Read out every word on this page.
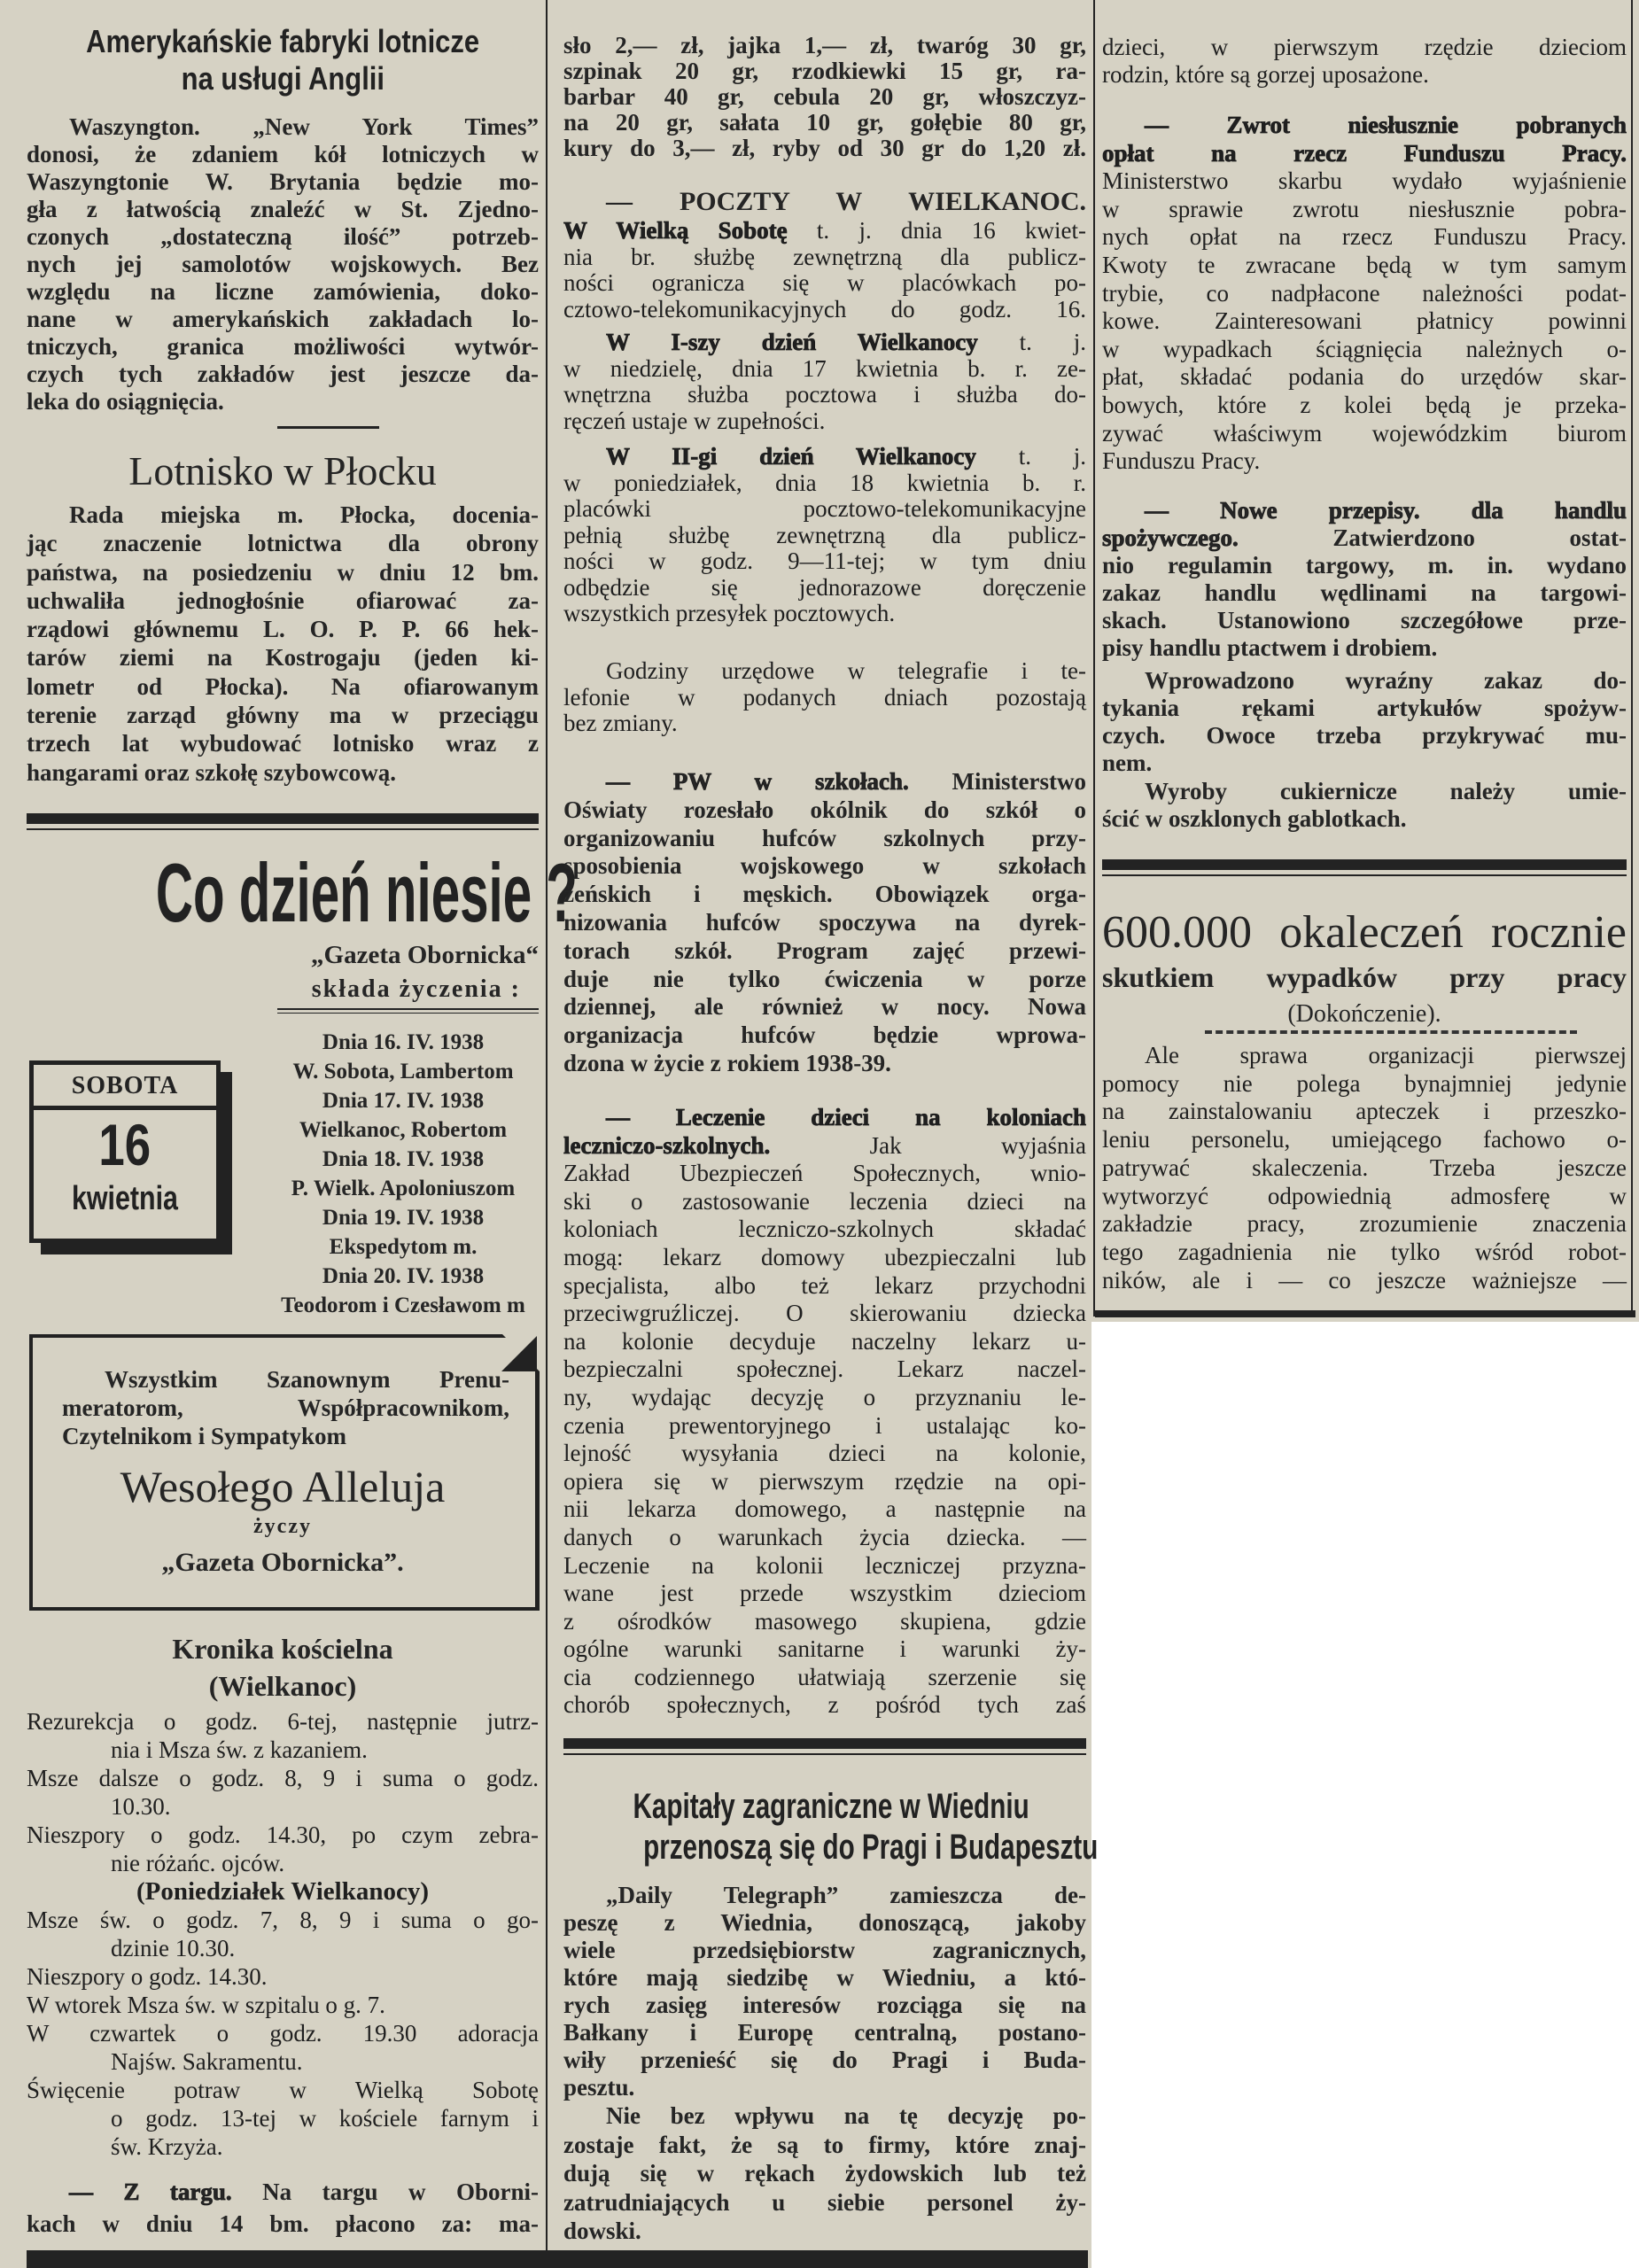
Amerykańskie fabryki lotnicze
na usługi Anglii
Waszyngton. „New York Times”
donosi, że zdaniem kół lotniczych w
Waszyngtonie W. Brytania będzie mo-
gła z łatwością znaleźć w St. Zjedno-
czonych „dostateczną ilość” potrzeb-
nych jej samolotów wojskowych. Bez
względu na liczne zamówienia, doko-
nane w amerykańskich zakładach lo-
tniczych, granica możliwości wytwór-
czych tych zakładów jest jeszcze da-
leka do osiągnięcia.
Lotnisko w Płocku
Rada miejska m. Płocka, docenia-
jąc znaczenie lotnictwa dla obrony
państwa, na posiedzeniu w dniu 12 bm.
uchwaliła jednogłośnie ofiarować za-
rządowi głównemu L. O. P. P. 66 hek-
tarów ziemi na Kostrogaju (jeden ki-
lometr od Płocka). Na ofiarowanym
terenie zarząd główny ma w przeciągu
trzech lat wybudować lotnisko wraz z
hangarami oraz szkołę szybowcową.
Co dzień niesie ?
„Gazeta Obornicka“
składa życzenia :
SOBOTA
16
kwietnia
Dnia 16. IV. 1938
W. Sobota, Lambertom
Dnia 17. IV. 1938
Wielkanoc, Robertom
Dnia 18. IV. 1938
P. Wielk. Apoloniuszom
Dnia 19. IV. 1938
Ekspedytom m.
Dnia 20. IV. 1938
Teodorom i Czesławom m
Wszystkim Szanownym Prenu-
meratorom, Współpracownikom,
Czytelnikom i Sympatykom
Wesołego Alleluja
życzy
„Gazeta Obornicka”.
Kronika kościelna
(Wielkanoc)
Rezurekcja o godz. 6-tej, następnie jutrz-
nia i Msza św. z kazaniem.
Msze dalsze o godz. 8, 9 i suma o godz.
10.30.
Nieszpory o godz. 14.30, po czym zebra-
nie różańc. ojców.
(Poniedziałek Wielkanocy)
Msze św. o godz. 7, 8, 9 i suma o go-
dzinie 10.30.
Nieszpory o godz. 14.30.
W wtorek Msza św. w szpitalu o g. 7.
W czwartek o godz. 19.30 adoracja
Najśw. Sakramentu.
Święcenie potraw w Wielką Sobotę
o godz. 13-tej w kościele farnym i
św. Krzyża.
— Z targu. Na targu w Oborni-
kach w dniu 14 bm. płacono za: ma-
sło 2,— zł, jajka 1,— zł, twaróg 30 gr,
szpinak 20 gr, rzodkiewki 15 gr, ra-
barbar 40 gr, cebula 20 gr, włoszczyz-
na 20 gr, sałata 10 gr, gołębie 80 gr,
kury do 3,— zł, ryby od 30 gr do 1,20 zł.
— POCZTY W WIELKANOC.
W Wielką Sobotę t. j. dnia 16 kwiet-
nia br. służbę zewnętrzną dla publicz-
ności ogranicza się w placówkach po-
cztowo-telekomunikacyjnych do godz. 16.
W I-szy dzień Wielkanocy t. j.
w niedzielę, dnia 17 kwietnia b. r. ze-
wnętrzna służba pocztowa i służba do-
ręczeń ustaje w zupełności.
W II-gi dzień Wielkanocy t. j.
w poniedziałek, dnia 18 kwietnia b. r.
placówki pocztowo-telekomunikacyjne
pełnią służbę zewnętrzną dla publicz-
ności w godz. 9—11-tej; w tym dniu
odbędzie się jednorazowe doręczenie
wszystkich przesyłek pocztowych.
Godziny urzędowe w telegrafie i te-
lefonie w podanych dniach pozostają
bez zmiany.
— PW w szkołach. Ministerstwo
Oświaty rozesłało okólnik do szkół o
organizowaniu hufców szkolnych przy-
sposobienia wojskowego w szkołach
żeńskich i męskich. Obowiązek orga-
nizowania hufców spoczywa na dyrek-
torach szkół. Program zajęć przewi-
duje nie tylko ćwiczenia w porze
dziennej, ale również w nocy. Nowa
organizacja hufców będzie wprowa-
dzona w życie z rokiem 1938-39.
— Leczenie dzieci na koloniach
leczniczo-szkolnych. Jak wyjaśnia
Zakład Ubezpieczeń Społecznych, wnio-
ski o zastosowanie leczenia dzieci na
koloniach leczniczo-szkolnych składać
mogą: lekarz domowy ubezpieczalni lub
specjalista, albo też lekarz przychodni
przeciwgruźliczej. O skierowaniu dziecka
na kolonie decyduje naczelny lekarz u-
bezpieczalni społecznej. Lekarz naczel-
ny, wydając decyzję o przyznaniu le-
czenia prewentoryjnego i ustalając ko-
lejność wysyłania dzieci na kolonie,
opiera się w pierwszym rzędzie na opi-
nii lekarza domowego, a następnie na
danych o warunkach życia dziecka. —
Leczenie na kolonii leczniczej przyzna-
wane jest przede wszystkim dzieciom
z ośrodków masowego skupiena, gdzie
ogólne warunki sanitarne i warunki ży-
cia codziennego ułatwiają szerzenie się
chorób społecznych, z pośród tych zaś
Kapitały zagraniczne w Wiedniu
przenoszą się do Pragi i Budapesztu
„Daily Telegraph” zamieszcza de-
peszę z Wiednia, donoszącą, jakoby
wiele przedsiębiorstw zagranicznych,
które mają siedzibę w Wiedniu, a któ-
rych zasięg interesów rozciąga się na
Bałkany i Europę centralną, postano-
wiły przenieść się do Pragi i Buda-
pesztu.
Nie bez wpływu na tę decyzję po-
zostaje fakt, że są to firmy, które znaj-
dują się w rękach żydowskich lub też
zatrudniających u siebie personel ży-
dowski.
dzieci, w pierwszym rzędzie dzieciom
rodzin, które są gorzej uposażone.
— Zwrot niesłusznie pobranych
opłat na rzecz Funduszu Pracy.
Ministerstwo skarbu wydało wyjaśnienie
w sprawie zwrotu niesłusznie pobra-
nych opłat na rzecz Funduszu Pracy.
Kwoty te zwracane będą w tym samym
trybie, co nadpłacone należności podat-
kowe. Zainteresowani płatnicy powinni
w wypadkach ściągnięcia należnych o-
płat, składać podania do urzędów skar-
bowych, które z kolei będą je przeka-
zywać właściwym wojewódzkim biurom
Funduszu Pracy.
— Nowe przepisy. dla handlu
spożywczego. Zatwierdzono ostat-
nio regulamin targowy, m. in. wydano
zakaz handlu wędlinami na targowi-
skach. Ustanowiono szczegółowe prze-
pisy handlu ptactwem i drobiem.
Wprowadzono wyraźny zakaz do-
tykania rękami artykułów spożyw-
czych. Owoce trzeba przykrywać mu-
nem.
Wyroby cukiernicze należy umie-
ścić w oszklonych gablotkach.
600.000 okaleczeń rocznie
skutkiem wypadków przy pracy
(Dokończenie).
Ale sprawa organizacji pierwszej
pomocy nie polega bynajmniej jedynie
na zainstalowaniu apteczek i przeszko-
leniu personelu, umiejącego fachowo o-
patrywać skaleczenia. Trzeba jeszcze
wytworzyć odpowiednią admosferę w
zakładzie pracy, zrozumienie znaczenia
tego zagadnienia nie tylko wśród robot-
ników, ale i — co jeszcze ważniejsze —
